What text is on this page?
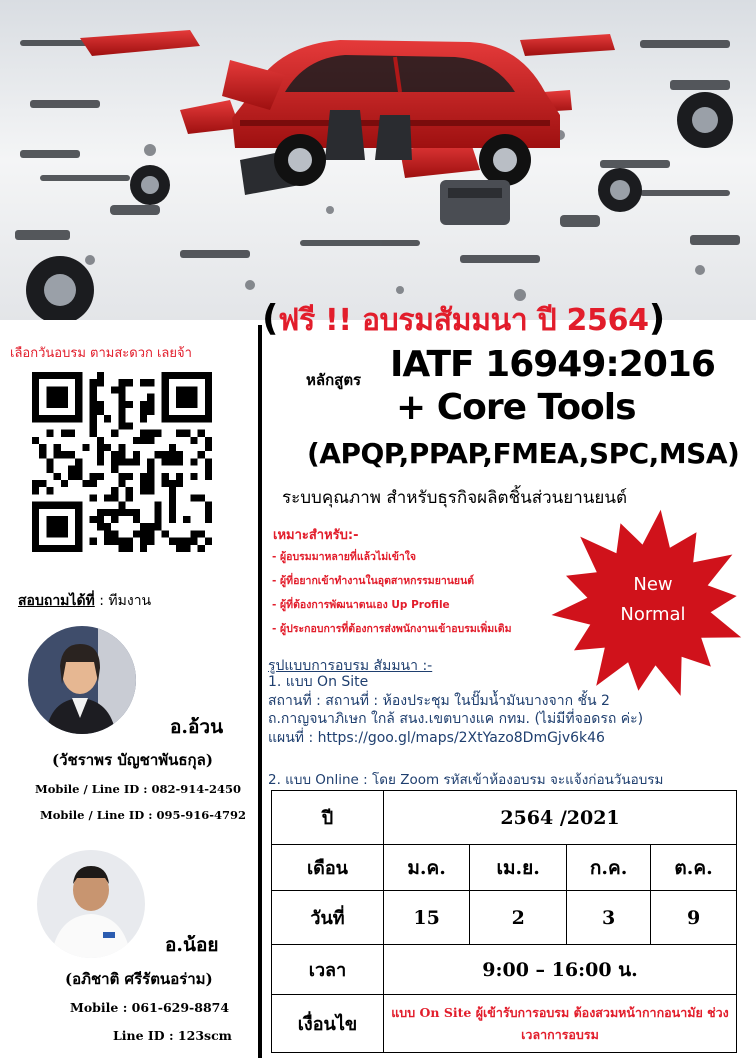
เลือกวันอบรม ตามสะดวก เลยจ้า
สอบถามได้ที่ : ทีมงาน
อ.อ้วน
(วัชราพร บัญชาพันธกุล)
Mobile / Line ID : 082-914-2450
Mobile / Line ID : 095-916-4792
อ.น้อย
(อภิชาติ ศรีรัตนอร่าม)
Mobile : 061-629-8874
Line ID : 123scm
(ฟรี !! อบรมสัมมนา ปี 2564)
หลักสูตร IATF 16949:2016
+ Core Tools
(APQP,PPAP,FMEA,SPC,MSA)
ระบบคุณภาพ สำหรับธุรกิจผลิตชิ้นส่วนยานยนต์
เหมาะสำหรับ:-
- ผู้อบรมมาหลายที่แล้วไม่เข้าใจ
- ผู้ที่อยากเข้าทำงานในอุตสาหกรรมยานยนต์
- ผู้ที่ต้องการพัฒนาตนเอง Up Profile
- ผู้ประกอบการที่ต้องการส่งพนักงานเข้าอบรมเพิ่มเติม
New
Normal
รูปแบบการอบรม สัมมนา :-
1. แบบ On Site
สถานที่ : สถานที่ : ห้องประชุม ในปั๊มน้ำมันบางจาก ชั้น 2
ถ.กาญจนาภิเษก ใกล้ สนง.เขตบางแค กทม. (ไม่มีที่จอดรถ ค่ะ)
แผนที่ : https://goo.gl/maps/2XtYazo8DmGjv6k46
2. แบบ Online : โดย Zoom รหัสเข้าห้องอบรม จะแจ้งก่อนวันอบรม
ปี	2564 /2021			
เดือน	ม.ค.	เม.ย.	ก.ค.	ต.ค.
วันที่	15	2	3	9
เวลา	9:00 – 16:00 น.			
เงื่อนไข	แบบ On Site ผู้เข้ารับการอบรม ต้องสวมหน้ากากอนามัย ช่วงเวลาการอบรม			
